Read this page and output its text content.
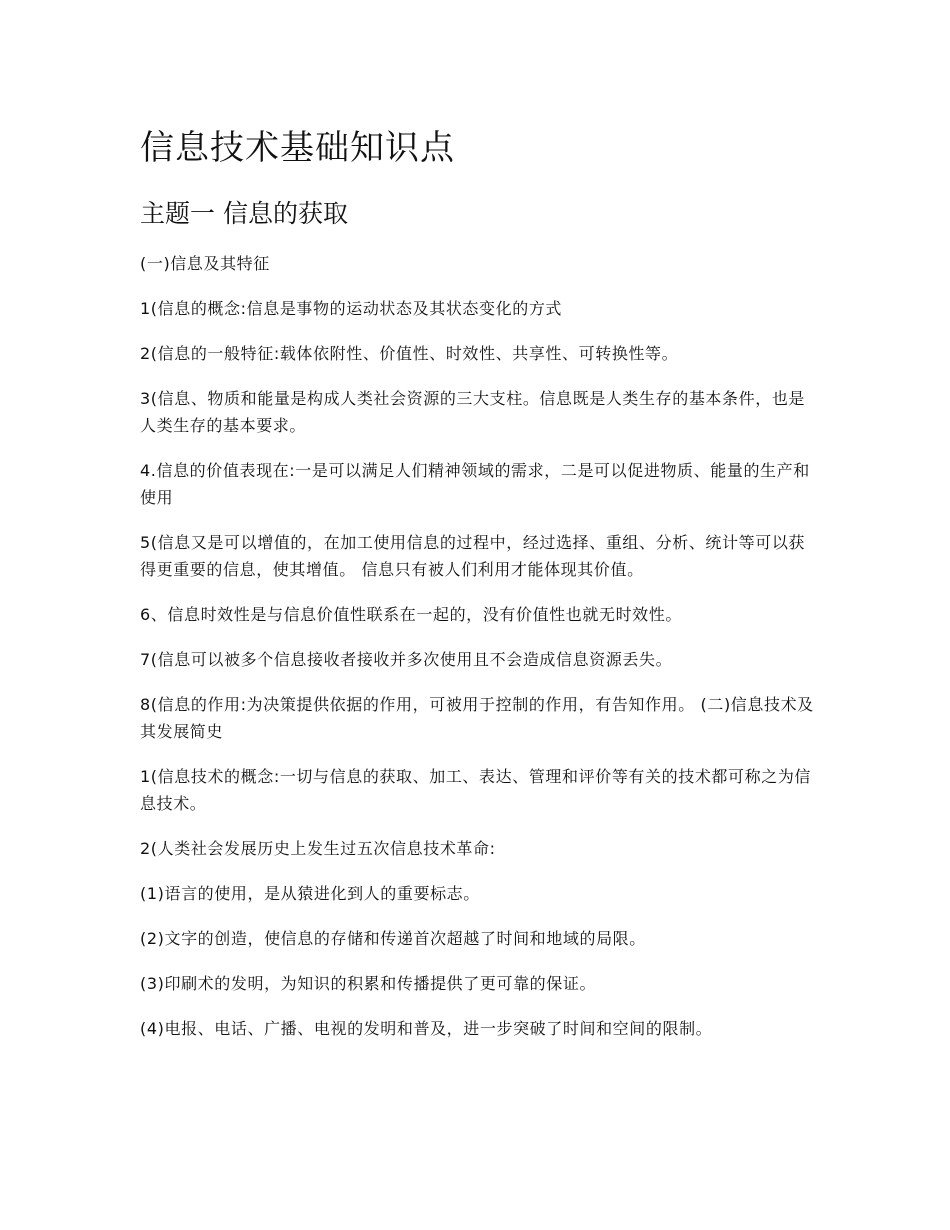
信息技术基础知识点
主题一 信息的获取

(一)信息及其特征

1(信息的概念:信息是事物的运动状态及其状态变化的方式

2(信息的一般特征:载体依附性、价值性、时效性、共享性、可转换性等。

3(信息、物质和能量是构成人类社会资源的三大支柱。信息既是人类生存的基本条件，也是人类生存的基本要求。

4.信息的价值表现在:一是可以满足人们精神领域的需求，二是可以促进物质、能量的生产和使用

5(信息又是可以增值的，在加工使用信息的过程中，经过选择、重组、分析、统计等可以获得更重要的信息，使其增值。 信息只有被人们利用才能体现其价值。

6、信息时效性是与信息价值性联系在一起的，没有价值性也就无时效性。

7(信息可以被多个信息接收者接收并多次使用且不会造成信息资源丢失。

8(信息的作用:为决策提供依据的作用，可被用于控制的作用，有告知作用。 (二)信息技术及其发展简史

1(信息技术的概念:一切与信息的获取、加工、表达、管理和评价等有关的技术都可称之为信息技术。

2(人类社会发展历史上发生过五次信息技术革命:

(1)语言的使用，是从猿进化到人的重要标志。

(2)文字的创造，使信息的存储和传递首次超越了时间和地域的局限。

(3)印刷术的发明，为知识的积累和传播提供了更可靠的保证。

(4)电报、电话、广播、电视的发明和普及，进一步突破了时间和空间的限制。
